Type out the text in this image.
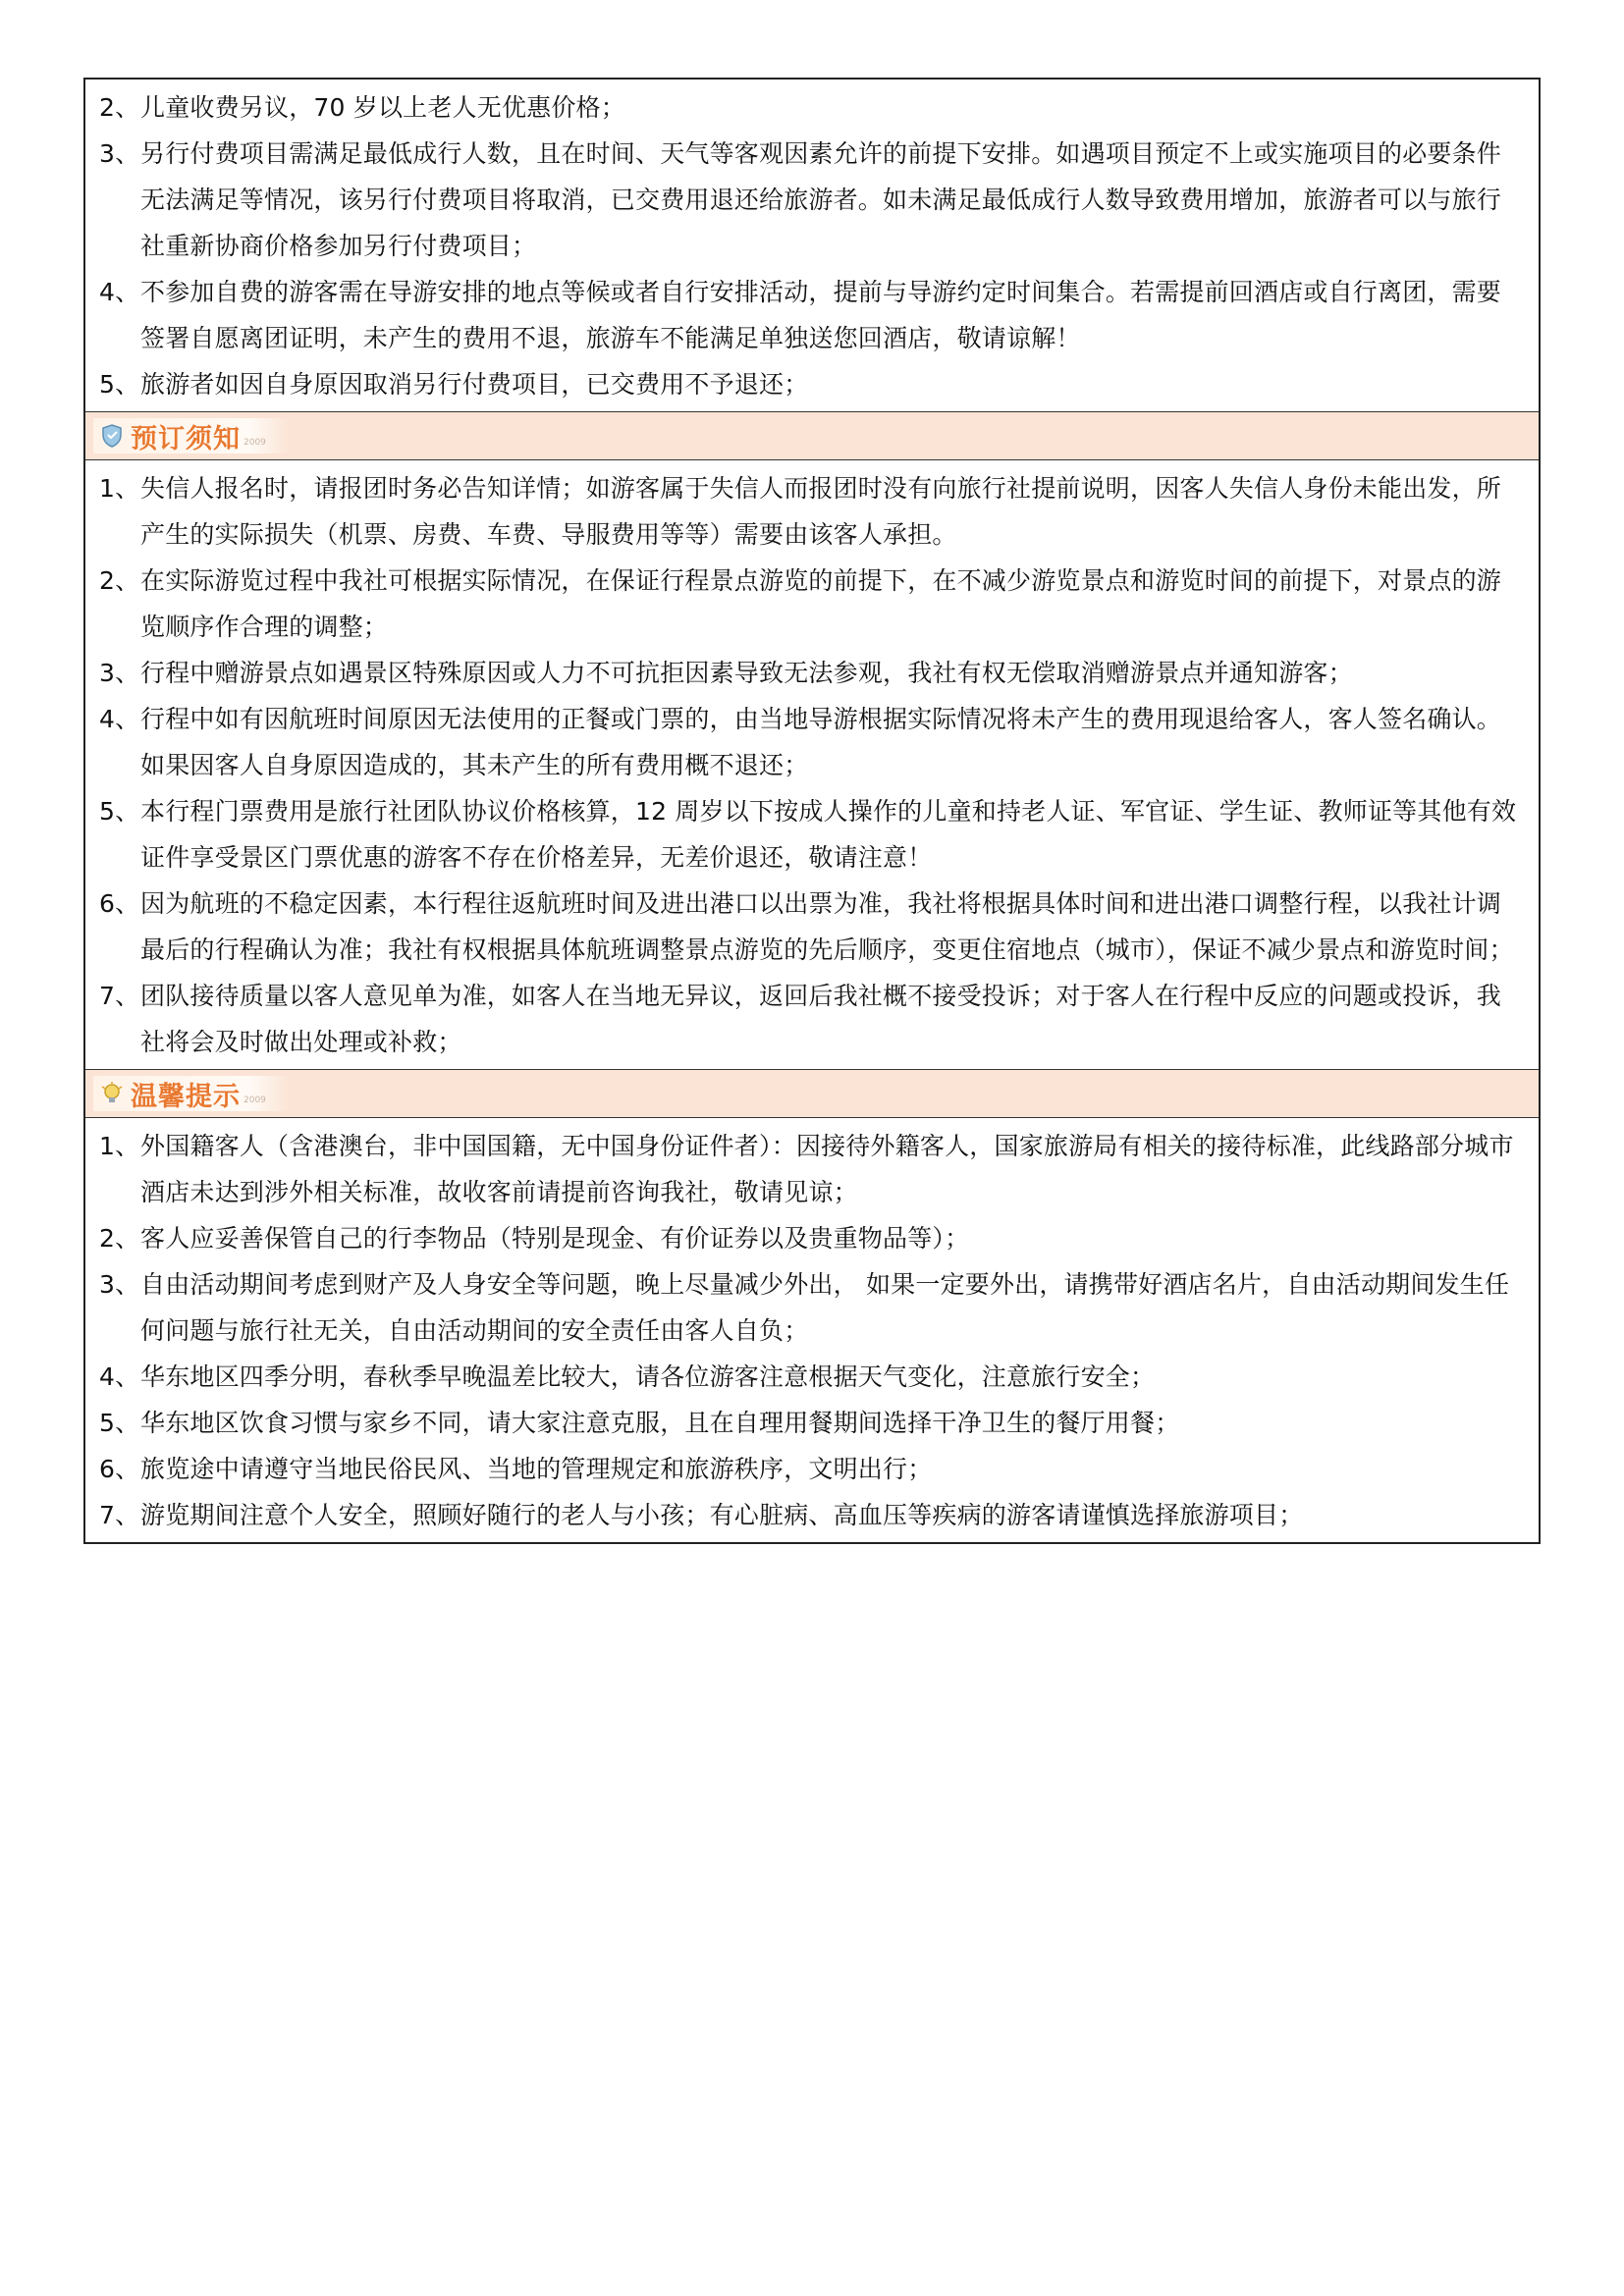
2、 儿童收费另议，70 岁以上老人无优惠价格；
3、 另行付费项目需满足最低成行人数，且在时间、天气等客观因素允许的前提下安排。如遇项目预定不上或实施项目的必要条件无法满足等情况，该另行付费项目将取消，已交费用退还给旅游者。如未满足最低成行人数导致费用增加，旅游者可以与旅行社重新协商价格参加另行付费项目；
4、 不参加自费的游客需在导游安排的地点等候或者自行安排活动，提前与导游约定时间集合。若需提前回酒店或自行离团，需要签署自愿离团证明，未产生的费用不退，旅游车不能满足单独送您回酒店，敬请谅解！
5、 旅游者如因自身原因取消另行付费项目，已交费用不予退还；
预订须知 2009
1、 失信人报名时，请报团时务必告知详情；如游客属于失信人而报团时没有向旅行社提前说明，因客人失信人身份未能出发，所产生的实际损失（机票、房费、车费、导服费用等等）需要由该客人承担。
2、 在实际游览过程中我社可根据实际情况，在保证行程景点游览的前提下，在不减少游览景点和游览时间的前提下，对景点的游览顺序作合理的调整；
3、 行程中赠游景点如遇景区特殊原因或人力不可抗拒因素导致无法参观，我社有权无偿取消赠游景点并通知游客；
4、 行程中如有因航班时间原因无法使用的正餐或门票的，由当地导游根据实际情况将未产生的费用现退给客人，客人签名确认。如果因客人自身原因造成的，其未产生的所有费用概不退还；
5、 本行程门票费用是旅行社团队协议价格核算，12 周岁以下按成人操作的儿童和持老人证、军官证、学生证、教师证等其他有效证件享受景区门票优惠的游客不存在价格差异，无差价退还，敬请注意！
6、 因为航班的不稳定因素，本行程往返航班时间及进出港口以出票为准，我社将根据具体时间和进出港口调整行程，以我社计调最后的行程确认为准；我社有权根据具体航班调整景点游览的先后顺序，变更住宿地点（城市），保证不减少景点和游览时间；
7、 团队接待质量以客人意见单为准，如客人在当地无异议，返回后我社概不接受投诉；对于客人在行程中反应的问题或投诉，我社将会及时做出处理或补救；
温馨提示 2009
1、 外国籍客人（含港澳台，非中国国籍，无中国身份证件者）：因接待外籍客人，国家旅游局有相关的接待标准，此线路部分城市酒店未达到涉外相关标准，故收客前请提前咨询我社，敬请见谅；
2、 客人应妥善保管自己的行李物品（特别是现金、有价证券以及贵重物品等）；
3、 自由活动期间考虑到财产及人身安全等问题，晚上尽量减少外出， 如果一定要外出，请携带好酒店名片，自由活动期间发生任何问题与旅行社无关，自由活动期间的安全责任由客人自负；
4、 华东地区四季分明，春秋季早晚温差比较大，请各位游客注意根据天气变化，注意旅行安全；
5、 华东地区饮食习惯与家乡不同，请大家注意克服，且在自理用餐期间选择干净卫生的餐厅用餐；
6、 旅览途中请遵守当地民俗民风、当地的管理规定和旅游秩序，文明出行；
7、 游览期间注意个人安全，照顾好随行的老人与小孩；有心脏病、高血压等疾病的游客请谨慎选择旅游项目；
